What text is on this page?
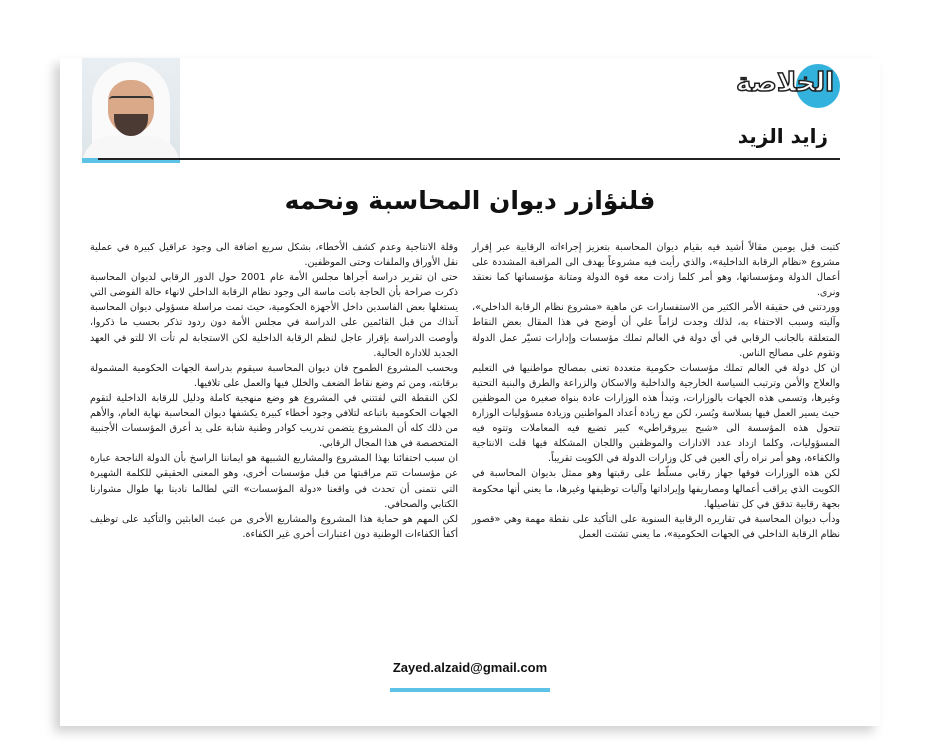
الخلاصة
زايد الزيد
فلنؤازر ديوان المحاسبة ونحمه

كتبت قبل يومين مقالاً أشيد فيه بقيام ديوان المحاسبة بتعزيز إجراءاته الرقابية عبر إقرار مشروع «نظام الرقابة الداخلية»، والذي رأيت فيه مشروعاً يهدف الى المراقبة المشددة على أعمال الدولة ومؤسساتها، وهو أمر كلما زادت معه قوة الدولة ومتانة مؤسساتها كما نعتقد ونرى.

ووردتني في حقيقة الأمر الكثير من الاستفسارات عن ماهية «مشروع نظام الرقابة الداخلي»، وآليته وسبب الاحتفاء به، لذلك وجدت لزاماً علي أن أوضح في هذا المقال بعض النقاط المتعلقة بالجانب الرقابي في أي دولة في العالم تملك مؤسسات وإدارات تسيّر عمل الدولة وتقوم على مصالح الناس.

ان كل دولة في العالم تملك مؤسسات حكومية متعددة تعنى بمصالح مواطنيها في التعليم والعلاج والأمن وترتيب السياسة الخارجية والداخلية والاسكان والزراعة والطرق والبنية التحتية وغيرها، وتسمى هذه الجهات بالوزارات، وتبدأ هذه الوزارات عادة بنواة صغيرة من الموظفين حيث يسير العمل فيها بسلاسة ويُسر، لكن مع زيادة أعداد المواطنين وزيادة مسؤوليات الوزارة تتحول هذه المؤسسة الى «شبح بيروقراطي» كبير تضيع فيه المعاملات وتتوه فيه المسؤوليات، وكلما ازداد عدد الادارات والموظفين واللجان المشكلة فيها قلت الانتاجية والكفاءة، وهو أمر نراه رأي العين في كل وزارات الدولة في الكويت تقريباً.

لكن هذه الوزارات فوقها جهاز رقابي مسلّط على رقبتها وهو ممثل بديوان المحاسبة في الكويت الذي يراقب أعمالها ومصاريفها وإيراداتها وآليات توظيفها وغيرها، ما يعني أنها محكومة بجهة رقابية تدقق في كل تفاصيلها.

ودأب ديوان المحاسبة في تقاريره الرقابية السنوية على التأكيد على نقطة مهمة وهي «قصور نظام الرقابة الداخلي في الجهات الحكومية»، ما يعني تشتت العمل

وقلة الانتاجية وعدم كشف الأخطاء، بشكل سريع اضافة الى وجود عراقيل كبيرة في عملية نقل الأوراق والملفات وحتى الموظفين.

حتى ان تقرير دراسة أجراها مجلس الأمة عام 2001 حول الدور الرقابي لديوان المحاسبة ذكرت صراحة بأن الحاجة باتت ماسة الى وجود نظام الرقابة الداخلي لانهاء حالة الفوضى التي يستغلها بعض الفاسدين داخل الأجهزة الحكومية، حيث تمت مراسلة مسؤولي ديوان المحاسبة آنذاك من قبل القائمين على الدراسة في مجلس الأمة دون ردود تذكر بحسب ما ذكروا، وأوصت الدراسة بإقرار عاجل لنظم الرقابة الداخلية لكن الاستجابة لم تأت الا للتو في العهد الجديد للادارة الحالية.

وبحسب المشروع الطموح فان ديوان المحاسبة سيقوم بدراسة الجهات الحكومية المشمولة برقابته، ومن ثم وضع نقاط الضعف والخلل فيها والعمل على تلافيها.

لكن النقطة التي لفتتني في المشروع هو وضع منهجية كاملة ودليل للرقابة الداخلية لتقوم الجهات الحكومية باتباعه لتلافي وجود أخطاء كبيرة يكشفها ديوان المحاسبة نهاية العام، والأهم من ذلك كله أن المشروع يتضمن تدريب كوادر وطنية شابة على يد أعرق المؤسسات الأجنبية المتخصصة في هذا المجال الرقابي.

ان سبب احتفائنا بهذا المشروع والمشاريع الشبيهة هو ايماننا الراسخ بأن الدولة الناجحة عبارة عن مؤسسات تتم مراقبتها من قبل مؤسسات أخرى، وهو المعنى الحقيقي للكلمة الشهيرة التي نتمنى أن تحدث في واقعنا «دولة المؤسسات» التي لطالما نادينا بها طوال مشوارنا الكتابي والصحافي.

لكن المهم هو حماية هذا المشروع والمشاريع الأخرى من عبث العابثين والتأكيد على توظيف أكفأ الكفاءات الوطنية دون اعتبارات أخرى غير الكفاءة.

Zayed.alzaid@gmail.com
